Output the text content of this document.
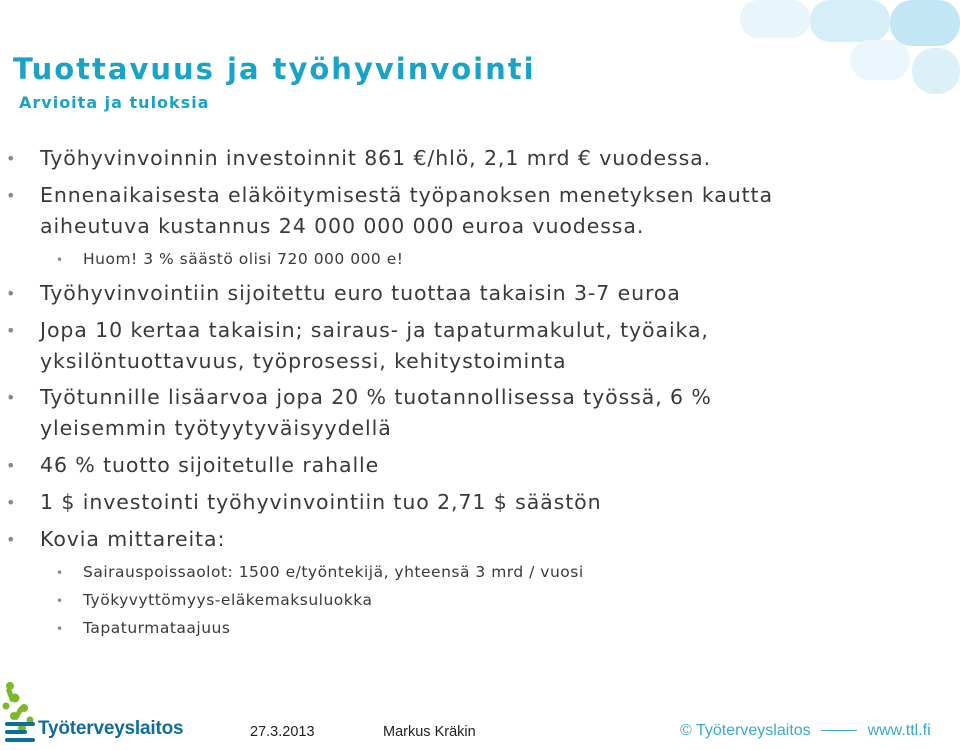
Tuottavuus ja työhyvinvointi
Arvioita ja tuloksia
•	Työhyvinvoinnin investoinnit 861 €/hlö, 2,1 mrd € vuodessa.
•	Ennenaikaisesta eläköitymisestä työpanoksen menetyksen kautta
aiheutuva kustannus 24 000 000 000 euroa vuodessa.
•	Huom! 3 % säästö olisi 720 000 000 e!
•	Työhyvinvointiin sijoitettu euro tuottaa takaisin 3-7 euroa
•	Jopa 10 kertaa takaisin; sairaus- ja tapaturmakulut, työaika,
yksilöntuottavuus, työprosessi, kehitystoiminta
•	Työtunnille lisäarvoa jopa 20 % tuotannollisessa työssä, 6 %
yleisemmin työtyytyväisyydellä
•	46 % tuotto sijoitetulle rahalle
•	1 $ investointi työhyvinvointiin tuo 2,71 $ säästön
•	Kovia mittareita:
•	Sairauspoissaolot: 1500 e/työntekijä, yhteensä 3 mrd / vuosi
•	Työkyvyttömyys-eläkemaksuluokka
•	Tapaturmataajuus
Työterveyslaitos	27.3.2013	Markus Kräkin	© Työterveyslaitos	www.ttl.fi
